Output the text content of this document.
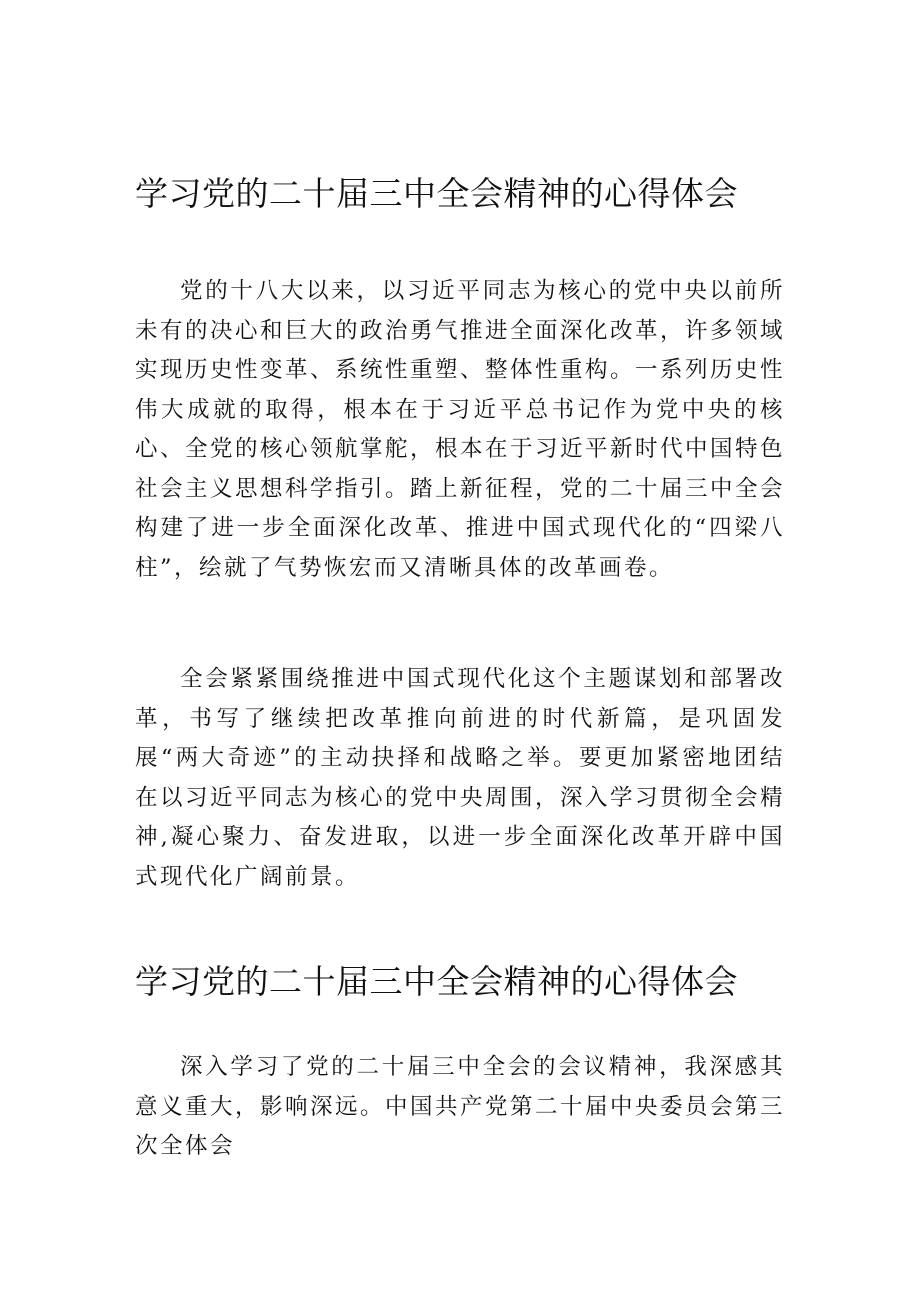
学习党的二十届三中全会精神的心得体会

党的十八大以来，以习近平同志为核心的党中央以前所未有的决心和巨大的政治勇气推进全面深化改革，许多领域实现历史性变革、系统性重塑、整体性重构。一系列历史性伟大成就的取得，根本在于习近平总书记作为党中央的核心、全党的核心领航掌舵，根本在于习近平新时代中国特色社会主义思想科学指引。踏上新征程，党的二十届三中全会构建了进一步全面深化改革、推进中国式现代化的“四梁八柱”，绘就了气势恢宏而又清晰具体的改革画卷。

全会紧紧围绕推进中国式现代化这个主题谋划和部署改革，书写了继续把改革推向前进的时代新篇，是巩固发展“两大奇迹”的主动抉择和战略之举。要更加紧密地团结在以习近平同志为核心的党中央周围，深入学习贯彻全会精神,凝心聚力、奋发进取，以进一步全面深化改革开辟中国式现代化广阔前景。

学习党的二十届三中全会精神的心得体会

深入学习了党的二十届三中全会的会议精神，我深感其意义重大，影响深远。中国共产党第二十届中央委员会第三次全体会
